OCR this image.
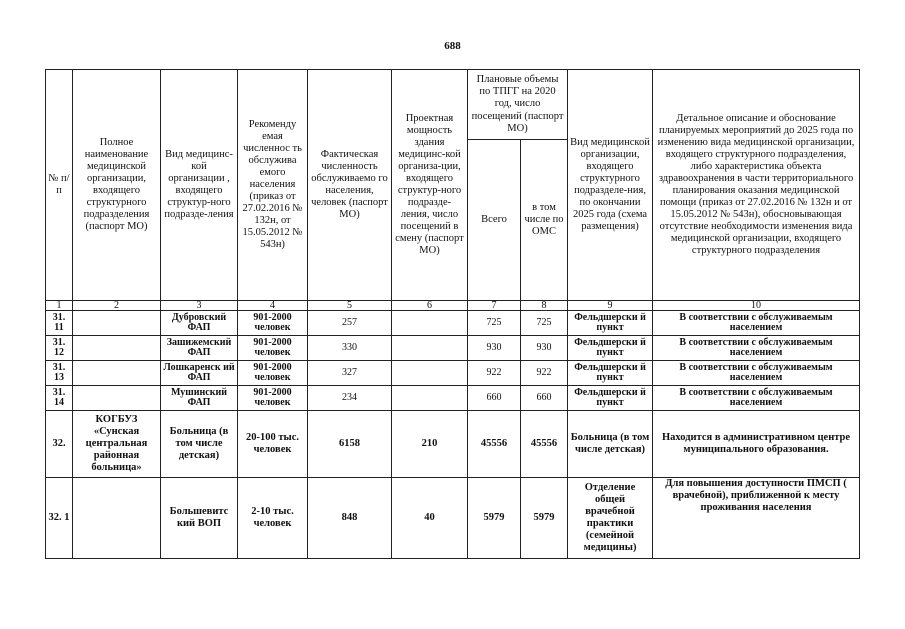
688
№ п/п	Полное наименование медицинской организации, входящего структурного подразделения (паспорт МО)	Вид медицинс-кой организации , входящего структур-ного подразде-ления	Рекоменду емая численнос ть обслужива емого населения (приказ от 27.02.2016 № 132н, от 15.05.2012 № 543н)	Фактическая численность обслуживаемо го населения, человек (паспорт МО)	Проектная мощность здания медицинс-кой организа-ции, входящего структур-ного подразде-ления, число посещений в смену (паспорт МО)	Плановые объемы по ТПГГ на 2020 год, число посещений (паспорт МО)		Вид медицинской организации, входящего структурного подразделе-ния, по окончании 2025 года (схема размещения)	Детальное описание и обоснование планируемых мероприятий до 2025 года по изменению вида медицинской организации, входящего структурного подразделения, либо характеристика объекта здравоохранения в части территориального планирования оказания медицинской помощи (приказ от 27.02.2016 № 132н и от 15.05.2012 № 543н), обосновывающая отсутствие необходимости изменения вида медицинской организации, входящего структурного подразделения
						Всего	в том числе по ОМС		
1	2	3	4	5	6	7	8	9	10
31. 11		Дубровский ФАП	901-2000 человек	257		725	725	Фельдшерски й пункт	В соответствии с обслуживаемым населением
31. 12		Зашижемский ФАП	901-2000 человек	330		930	930	Фельдшерски й пункт	В соответствии с обслуживаемым населением
31. 13		Лошкаренск ий ФАП	901-2000 человек	327		922	922	Фельдшерски й пункт	В соответствии с обслуживаемым населением
31. 14		Мушинский ФАП	901-2000 человек	234		660	660	Фельдшерски й пункт	В соответствии с обслуживаемым населением
32.	КОГБУЗ «Сунская центральная районная больница»	Больница (в том числе детская)	20-100 тыс. человек	6158	210	45556	45556	Больница (в том числе детская)	Находится в административном центре муниципального образования.
32. 1		Большевитс кий ВОП	2-10 тыс. человек	848	40	5979	5979	Отделение общей врачебной практики (семейной медицины)	Для повышения доступности ПМСП ( врачебной), приближенной к месту проживания населения
